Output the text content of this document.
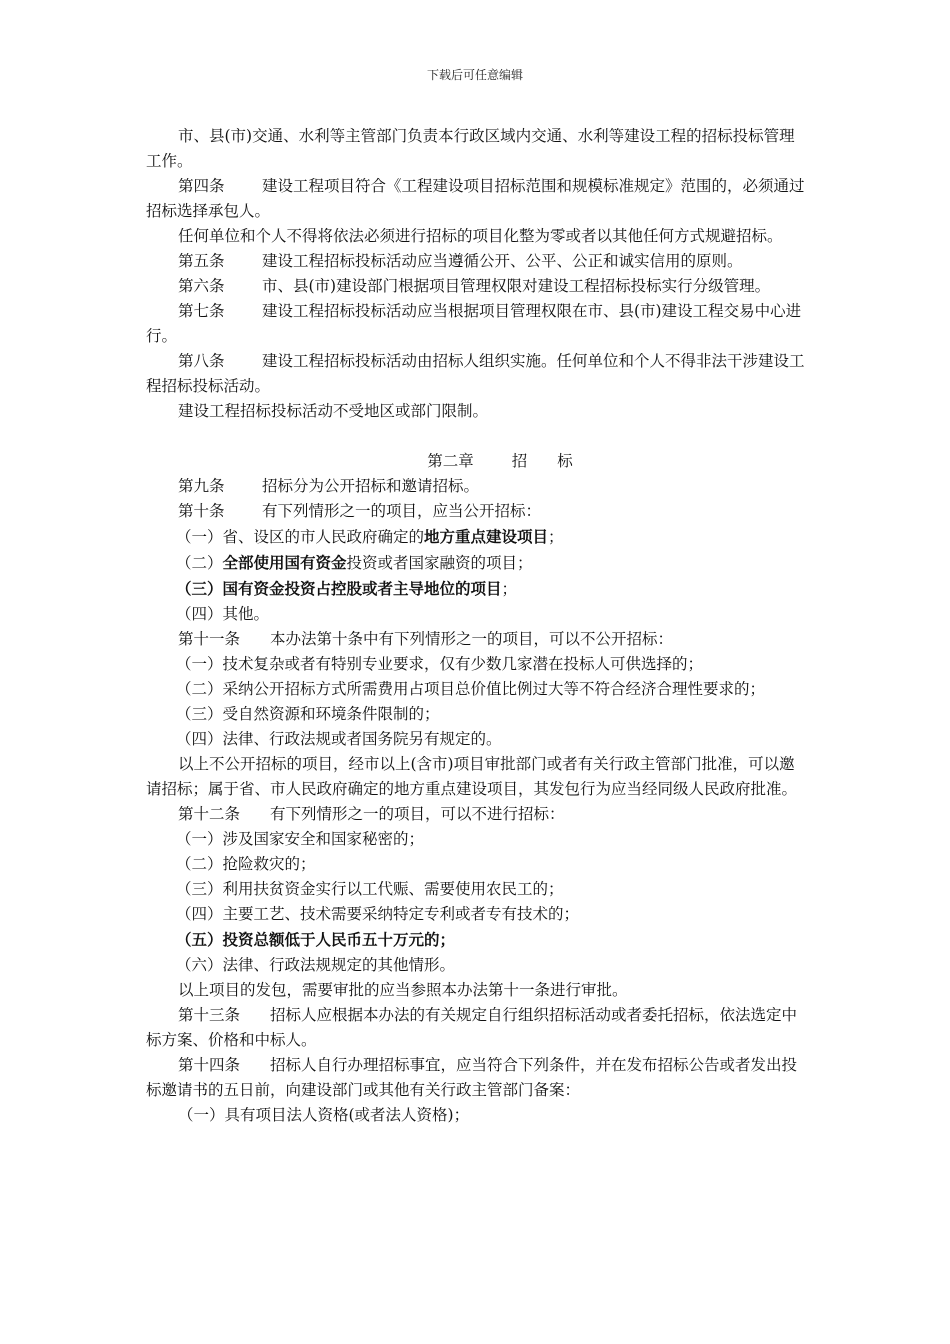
下载后可任意编辑

市、县(市)交通、水利等主管部门负责本行政区域内交通、水利等建设工程的招标投标管理工作。

第四条 建设工程项目符合《工程建设项目招标范围和规模标准规定》范围的，必须通过招标选择承包人。

任何单位和个人不得将依法必须进行招标的项目化整为零或者以其他任何方式规避招标。

第五条 建设工程招标投标活动应当遵循公开、公平、公正和诚实信用的原则。

第六条 市、县(市)建设部门根据项目管理权限对建设工程招标投标实行分级管理。

第七条 建设工程招标投标活动应当根据项目管理权限在市、县(市)建设工程交易中心进行。

第八条 建设工程招标投标活动由招标人组织实施。任何单位和个人不得非法干涉建设工程招标投标活动。

建设工程招标投标活动不受地区或部门限制。

第二章 招 标

第九条 招标分为公开招标和邀请招标。

第十条 有下列情形之一的项目，应当公开招标：

（一）省、设区的市人民政府确定的地方重点建设项目；

（二）全部使用国有资金投资或者国家融资的项目；

（三）国有资金投资占控股或者主导地位的项目；

（四）其他。

第十一条 本办法第十条中有下列情形之一的项目，可以不公开招标：

（一）技术复杂或者有特别专业要求，仅有少数几家潜在投标人可供选择的；

（二）采纳公开招标方式所需费用占项目总价值比例过大等不符合经济合理性要求的；

（三）受自然资源和环境条件限制的；

（四）法律、行政法规或者国务院另有规定的。

以上不公开招标的项目，经市以上(含市)项目审批部门或者有关行政主管部门批准，可以邀请招标；属于省、市人民政府确定的地方重点建设项目，其发包行为应当经同级人民政府批准。

第十二条 有下列情形之一的项目，可以不进行招标：

（一）涉及国家安全和国家秘密的；

（二）抢险救灾的；

（三）利用扶贫资金实行以工代赈、需要使用农民工的；

（四）主要工艺、技术需要采纳特定专利或者专有技术的；

（五）投资总额低于人民币五十万元的；

（六）法律、行政法规规定的其他情形。

以上项目的发包，需要审批的应当参照本办法第十一条进行审批。

第十三条 招标人应根据本办法的有关规定自行组织招标活动或者委托招标，依法选定中标方案、价格和中标人。

第十四条 招标人自行办理招标事宜，应当符合下列条件，并在发布招标公告或者发出投标邀请书的五日前，向建设部门或其他有关行政主管部门备案：

（一）具有项目法人资格(或者法人资格)；
